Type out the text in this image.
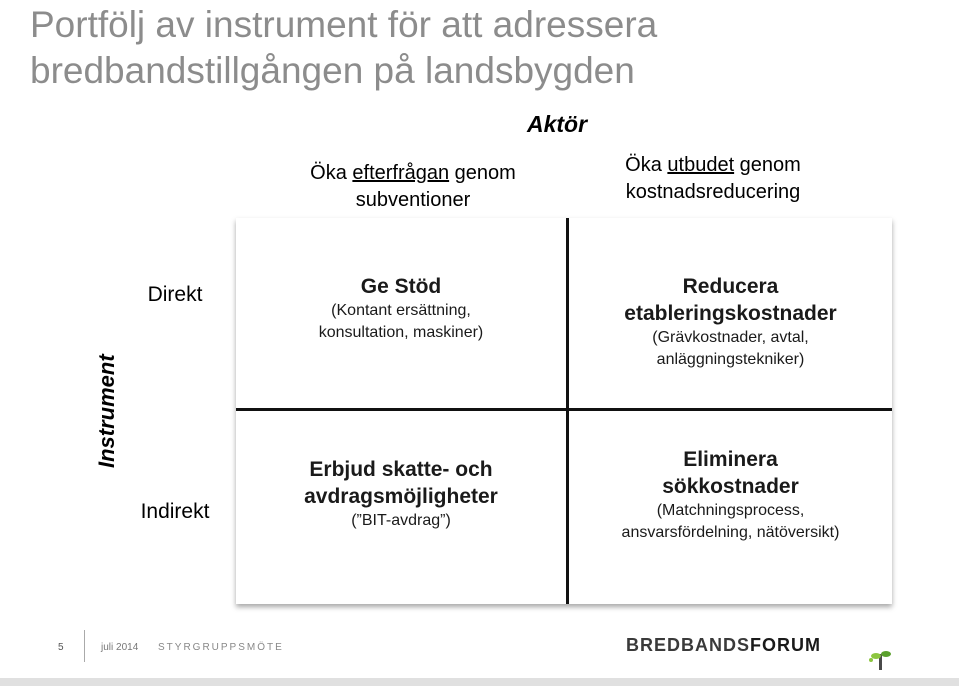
Portfölj av instrument för att adressera
bredbandstillgången på landsbygden
Aktör
Öka efterfrågan genom
subventioner
Öka utbudet genom
kostnadsreducering
Instrument
Direkt
Indirekt
Ge Stöd
(Kontant ersättning,
konsultation, maskiner)
Reducera
etableringskostnader
(Grävkostnader, avtal,
anläggningstekniker)
Erbjud skatte- och
avdragsmöjligheter
(”BIT-avdrag”)
Eliminera
sökkostnader
(Matchningsprocess,
ansvarsfördelning, nätöversikt)
5	juli 2014 STYRGRUPPSMÖTE	BREDBANDSFORUM
